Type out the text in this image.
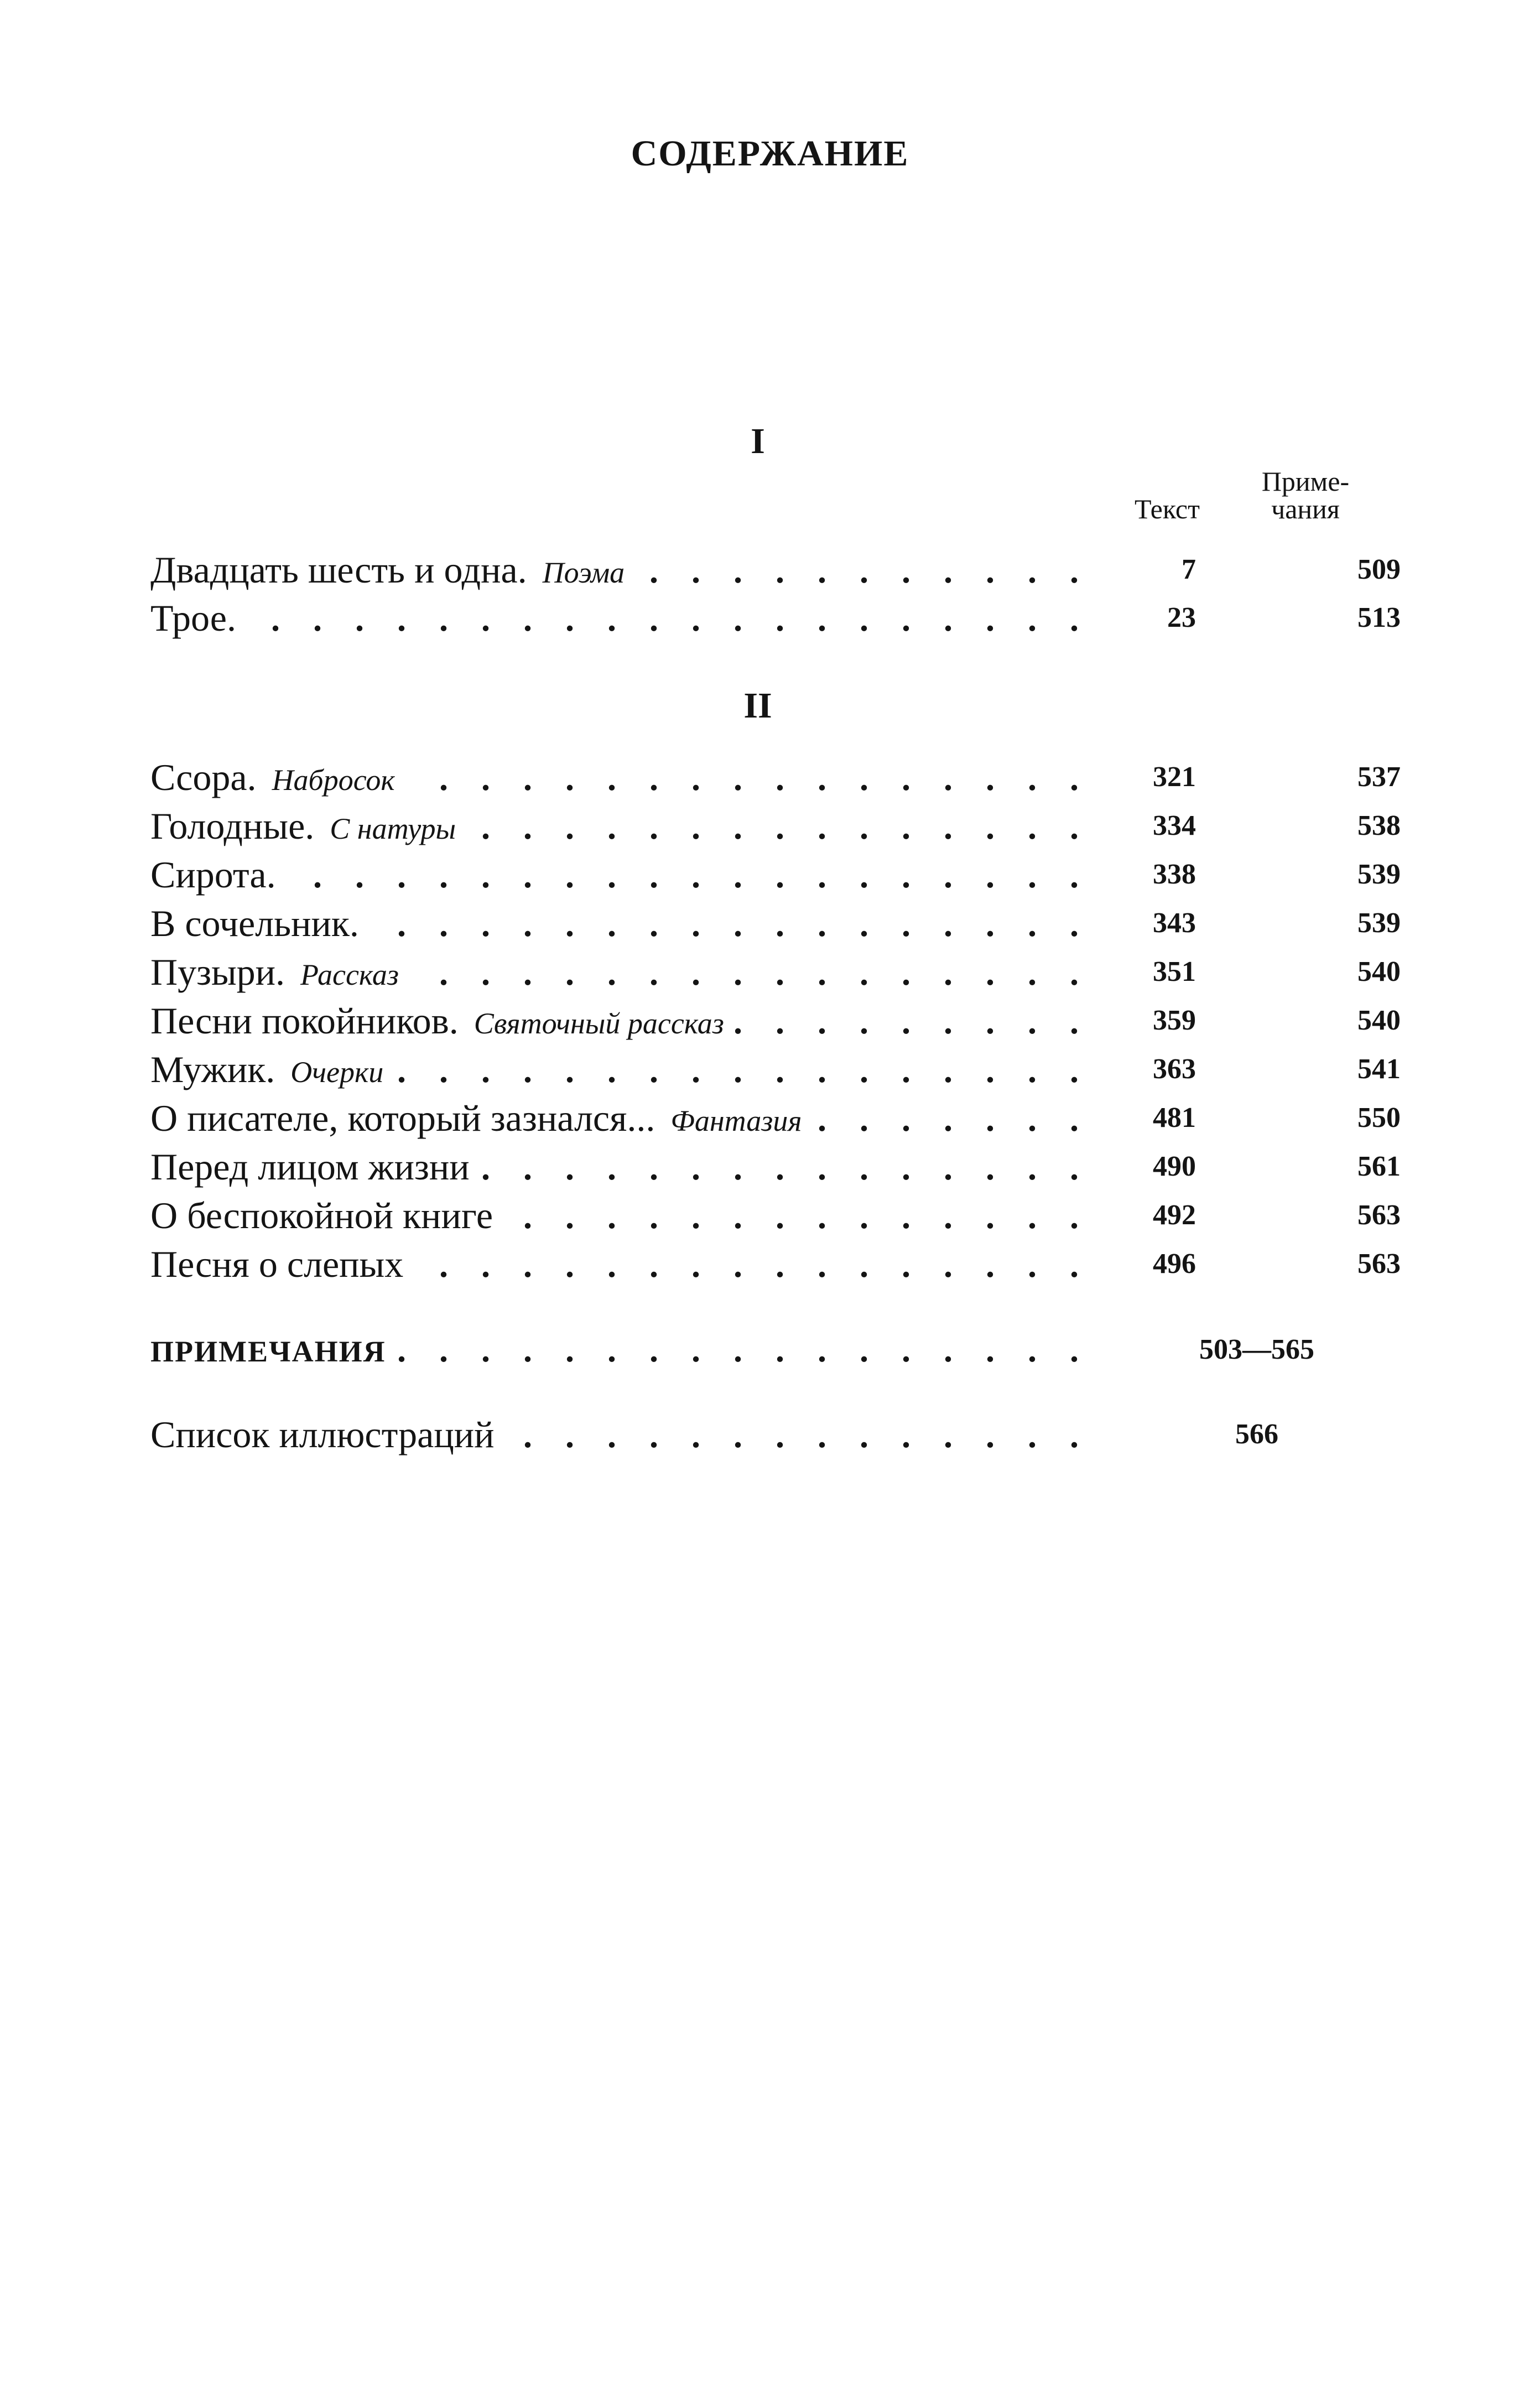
СОДЕРЖАНИЕ
I
Текст
Приме-
чания
Двадцать шесть и одна. Поэма . . .	7	509
Трое. . . .	23	513
II
Ссора. Набросок . . .	321	537
Голодные. С натуры . . .	334	538
Сирота. . . .	338	539
В сочельник. . . .	343	539
Пузыри. Рассказ . . .	351	540
Песни покойников. Святочный рассказ . . .	359	540
Мужик. Очерки . . .	363	541
О писателе, который зазнался... Фантазия . . .	481	550
Перед лицом жизни . . .	490	561
О беспокойной книге . . .	492	563
Песня о слепых . . .	496	563
ПРИМЕЧАНИЯ . . .	503—565
Список иллюстраций . . .	566
